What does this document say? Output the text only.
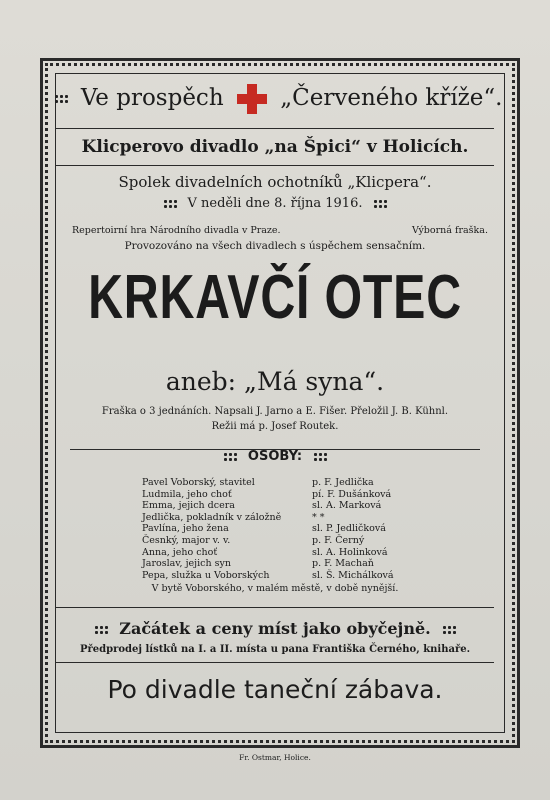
Ve prospěch „Červeného kříže“.
Klicperovo divadlo „na Špici“ v Holicích.
Spolek divadelních ochotníků „Klicpera“.
V neděli dne 8. října 1916.
Repertoirní hra Národního divadla v Praze.	Výborná fraška.
Provozováno na všech divadlech s úspěchem sensačním.
KRKAVČÍ OTEC
aneb: „Má syna“.
Fraška o 3 jednáních. Napsali J. Jarno a E. Fišer. Přeložil J. B. Kühnl.
Režii má p. Josef Routek.
OSOBY:
Pavel Voborský, stavitel	p. F. Jedlička
Ludmila, jeho choť	pí. F. Dušánková
Emma, jejich dcera	sl. A. Marková
Jedlička, pokladník v záložně	* *
Pavlína, jeho žena	sl. P. Jedličková
Česnký, major v. v.	p. F. Černý
Anna, jeho choť	sl. A. Holinková
Jaroslav, jejich syn	p. F. Machaň
Pepa, služka u Voborských	sl. Š. Michálková
V bytě Voborského, v malém městě, v době nynější.
Začátek a ceny míst jako obyčejně.
Předprodej lístků na I. a II. místa u pana Františka Černého, knihaře.
Po divadle taneční zábava.
Fr. Ostmar, Holice.
